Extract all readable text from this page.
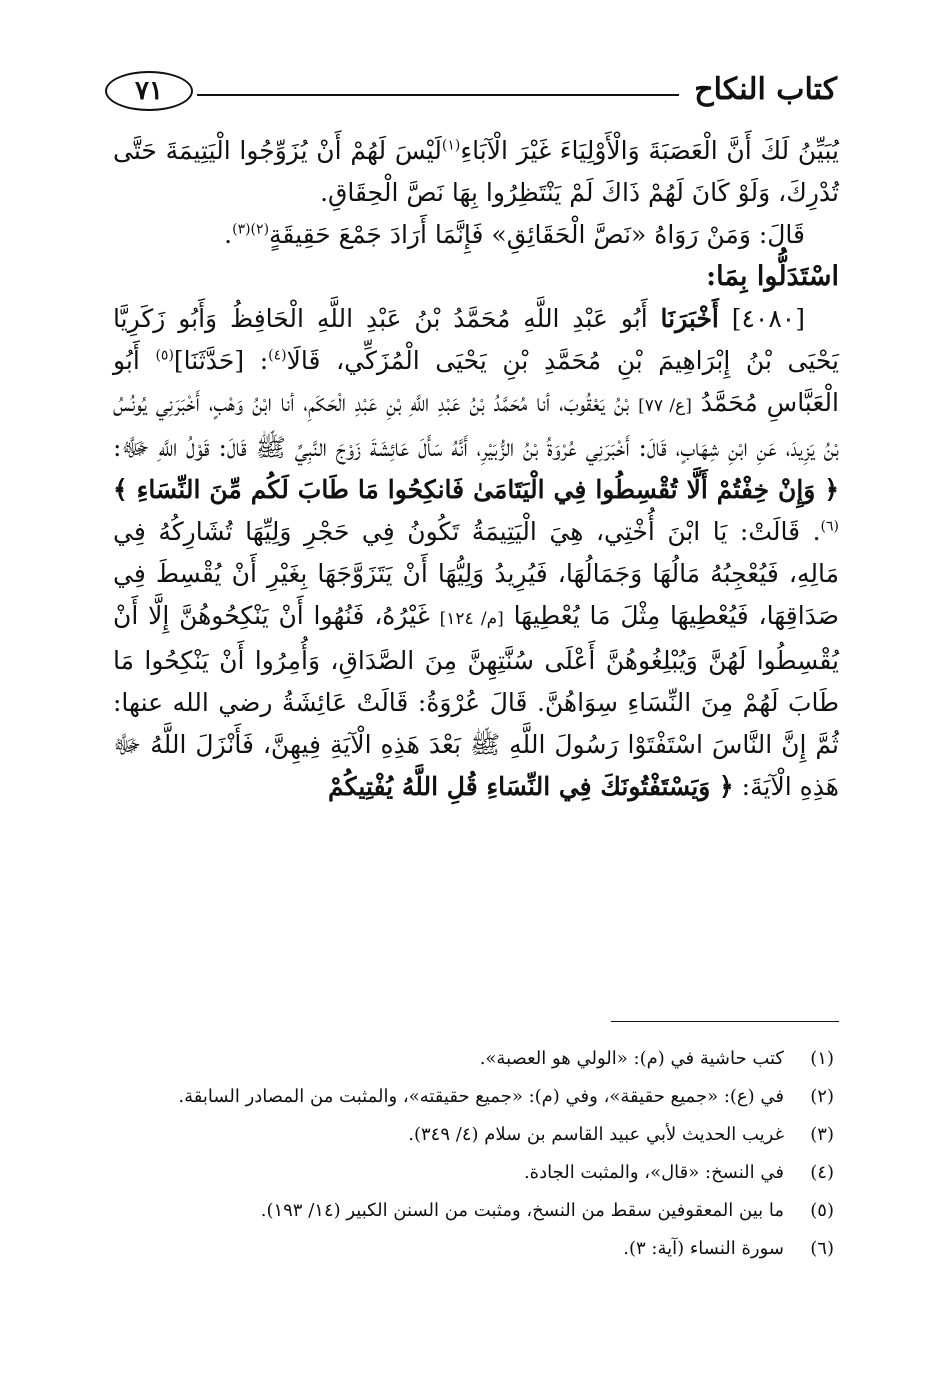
كتاب النكاح
٧١

يُبَيِّنُ لَكَ أَنَّ الْعَصَبَةَ وَالْأَوْلِيَاءَ غَيْرَ الْآبَاءِ$^{(١)}$لَيْسَ لَهُمْ أَنْ يُزَوِّجُوا الْيَتِيمَةَ حَتَّى تُدْرِكَ، وَلَوْ كَانَ لَهُمْ ذَاكَ لَمْ يَنْتَظِرُوا بِهَا نَصَّ الْحِقَاقِ.

قَالَ: وَمَنْ رَوَاهُ «نَصَّ الْحَقَائِقِ» فَإِنَّمَا أَرَادَ جَمْعَ حَقِيقَةٍ$^{(٢)(٣)}$.

اسْتَدَلُّوا بِمَا:

[٤٠٨٠] أَخْبَرَنَا أَبُو عَبْدِ اللَّهِ مُحَمَّدُ بْنُ عَبْدِ اللَّهِ الْحَافِظُ وَأَبُو زَكَرِيَّا يَحْيَى بْنُ إِبْرَاهِيمَ بْنِ مُحَمَّدِ بْنِ يَحْيَى الْمُزَكِّي، قَالَا$^{(٤)}$: [حَدَّثَنَا]$^{(٥)}$ أَبُو الْعَبَّاسِ مُحَمَّدُ [ع/ ٧٧] بْنُ يَعْقُوبَ، أنا مُحَمَّدُ بْنُ عَبْدِ اللَّهِ بْنِ عَبْدِ الْحَكَمِ، أنا ابْنُ وَهْبٍ، أَخْبَرَنِي يُونُسُ بْنُ يَزِيدَ، عَنِ ابْنِ شِهَابٍ، قَالَ: أَخْبَرَنِي عُرْوَةُ بْنُ الزُّبَيْرِ، أَنَّهُ سَأَلَ عَائِشَةَ زَوْجَ النَّبِيِّ ﷺ قَالَ: قَوْلُ اللَّهِ ﷻ: ﴿ وَإِنْ خِفْتُمْ أَلَّا تُقْسِطُوا فِي الْيَتَامَىٰ فَانكِحُوا مَا طَابَ لَكُم مِّنَ النِّسَاءِ ﴾$^{(٦)}$. قَالَتْ: يَا ابْنَ أُخْتِي، هِيَ الْيَتِيمَةُ تَكُونُ فِي حَجْرِ وَلِيِّهَا تُشَارِكُهُ فِي مَالِهِ، فَيُعْجِبُهُ مَالُهَا وَجَمَالُهَا، فَيُرِيدُ وَلِيُّهَا أَنْ يَتَزَوَّجَهَا بِغَيْرِ أَنْ يُقْسِطَ فِي صَدَاقِهَا، فَيُعْطِيهَا مِثْلَ مَا يُعْطِيهَا [م/ ١٢٤] غَيْرُهُ، فَنُهُوا أَنْ يَنْكِحُوهُنَّ إِلَّا أَنْ يُقْسِطُوا لَهُنَّ وَيُبْلِغُوهُنَّ أَعْلَى سُنَّتِهِنَّ مِنَ الصَّدَاقِ، وَأُمِرُوا أَنْ يَنْكِحُوا مَا طَابَ لَهُمْ مِنَ النِّسَاءِ سِوَاهُنَّ. قَالَ عُرْوَةُ: قَالَتْ عَائِشَةُ رضي الله عنها: ثُمَّ إِنَّ النَّاسَ اسْتَفْتَوْا رَسُولَ اللَّهِ ﷺ بَعْدَ هَذِهِ الْآيَةِ فِيهِنَّ، فَأَنْزَلَ اللَّهُ ﷻ هَذِهِ الْآيَةَ: ﴿ وَيَسْتَفْتُونَكَ فِي النِّسَاءِ قُلِ اللَّهُ يُفْتِيكُمْ

(١)
كتب حاشية في (م): «الولي هو العصبة».
(٢)
في (ع): «جميع حقيقة»، وفي (م): «جميع حقيقته»، والمثبت من المصادر السابقة.
(٣)
غريب الحديث لأبي عبيد القاسم بن سلام (٤/ ٣٤٩).
(٤)
في النسخ: «قال»، والمثبت الجادة.
(٥)
ما بين المعقوفين سقط من النسخ، ومثبت من السنن الكبير (١٤/ ١٩٣).
(٦)
سورة النساء (آية: ٣).
